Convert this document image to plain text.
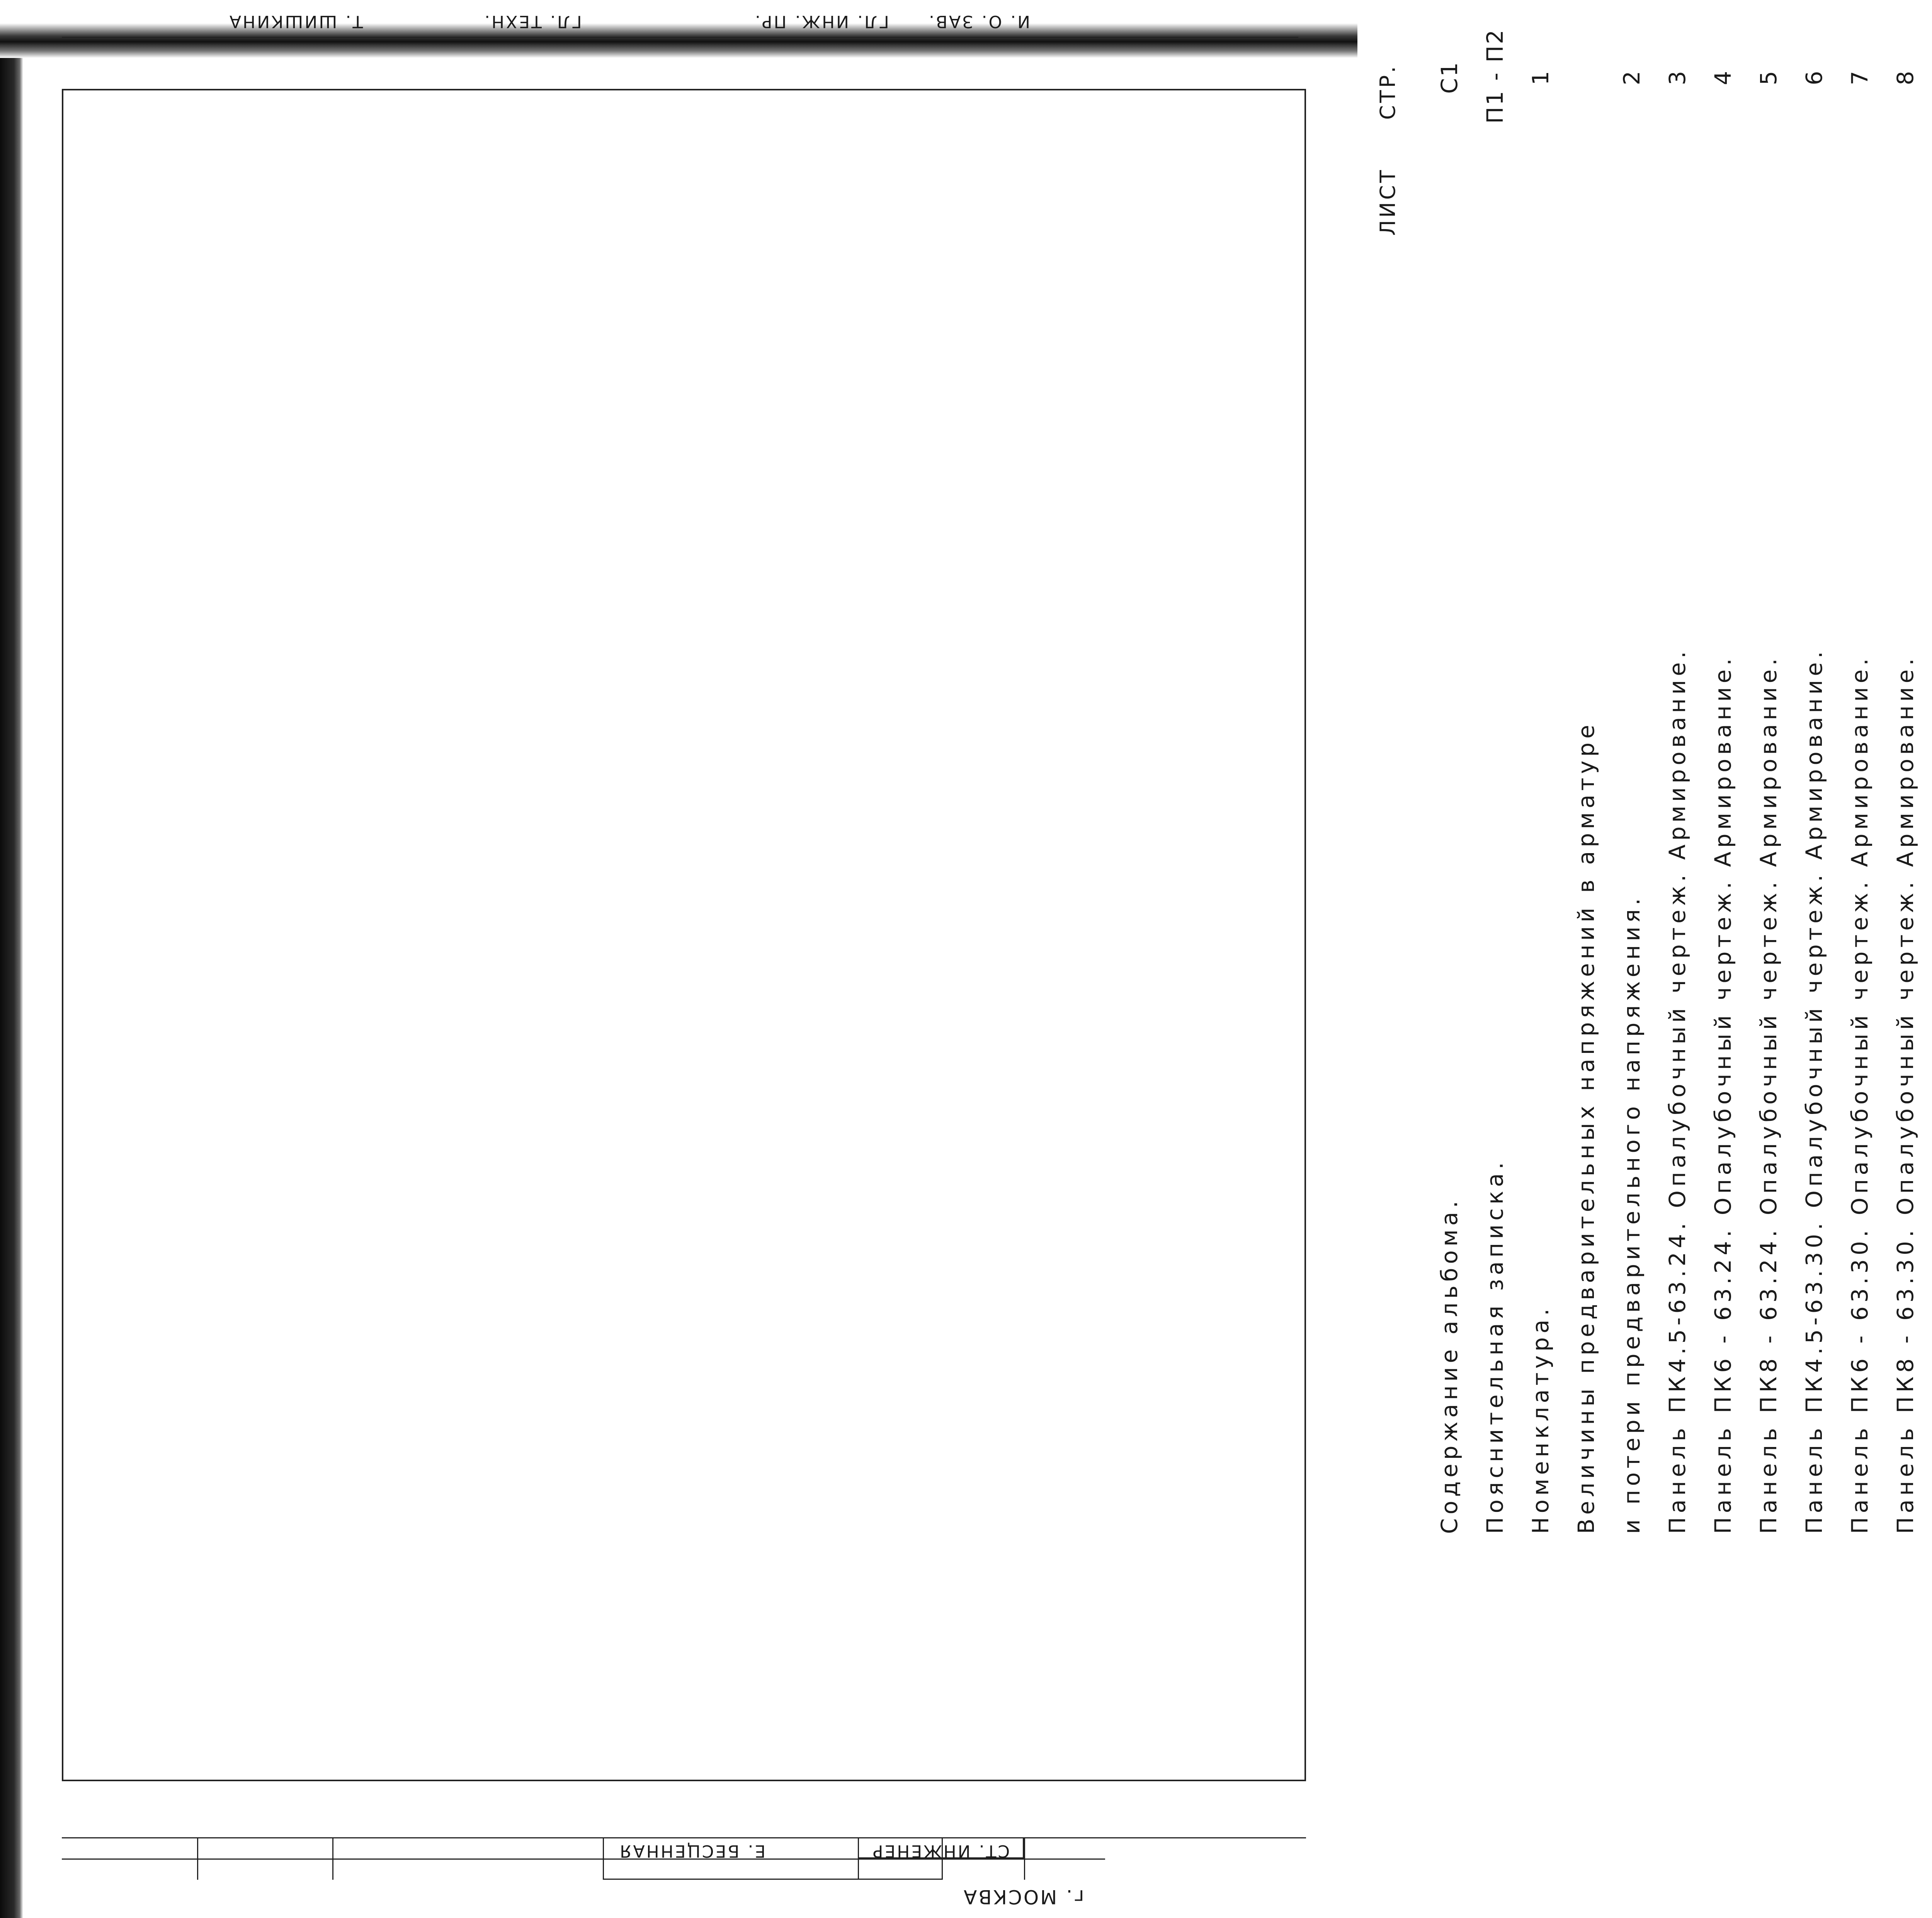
ГЛ. ИНЖ. ПР.
ГЛ. ТЕХН.	И. О. ЗАВ.
Т. ШИШКИНА
СТ. ИНЖЕНЕР
Е. БЕСЦЕННАЯ
г. МОСКВА
ЛИСТ
СТР.
Содержание альбома.
С1
Пояснительная записка.
П1 - П2
Номенклатура.
1
Величины предварительных напряжений в арматуре и потери предварительного напряжения.
2
Панель ПК4.5-63.24. Опалубочный чертеж. Армирование.
3
Панель ПК6 - 63.24. Опалубочный чертеж. Армирование.
4
Панель ПК8 - 63.24. Опалубочный чертеж. Армирование.
5
Панель ПК4.5-63.30. Опалубочный чертеж. Армирование.
6
Панель ПК6 - 63.30. Опалубочный чертеж. Армирование.
7
Панель ПК8 - 63.30. Опалубочный чертеж. Армирование.
8
